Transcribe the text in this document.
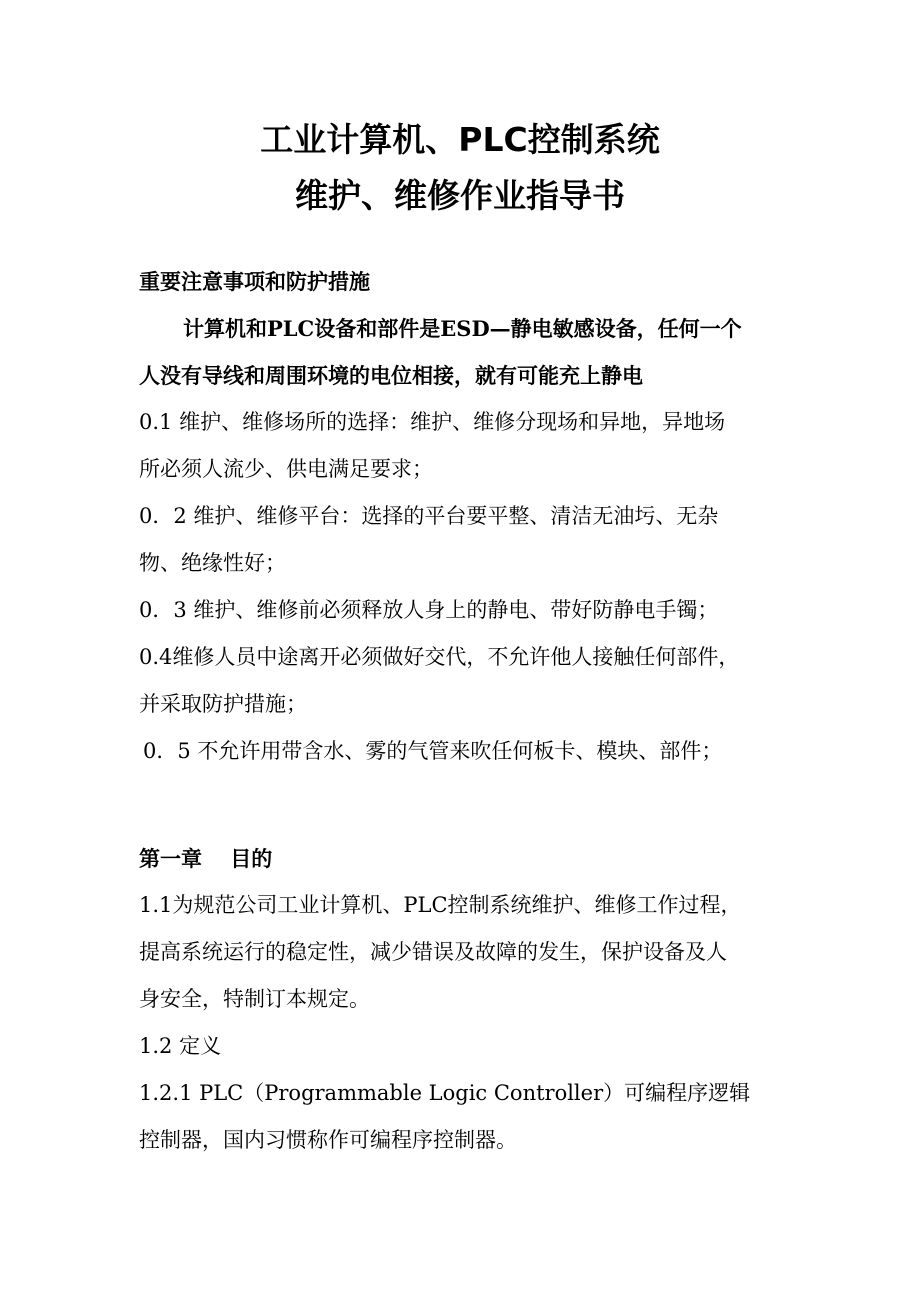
工业计算机、PLC控制系统
维护、维修作业指导书
重要注意事项和防护措施
计算机和PLC设备和部件是ESD—静电敏感设备，任何一个
人没有导线和周围环境的电位相接，就有可能充上静电
0.1 维护、维修场所的选择：维护、维修分现场和异地，异地场
所必须人流少、供电满足要求；
0．2 维护、维修平台：选择的平台要平整、清洁无油圬、无杂
物、绝缘性好；
0．3 维护、维修前必须释放人身上的静电、带好防静电手镯；
0.4维修人员中途离开必须做好交代，不允许他人接触任何部件，
并采取防护措施；
0．5 不允许用带含水、雾的气管来吹任何板卡、模块、部件；
第一章　 目的
1.1为规范公司工业计算机、PLC控制系统维护、维修工作过程，
提高系统运行的稳定性，减少错误及故障的发生，保护设备及人
身安全，特制订本规定。
1.2 定义
1.2.1 PLC（Programmable Logic Controller）可编程序逻辑
控制器，国内习惯称作可编程序控制器。
